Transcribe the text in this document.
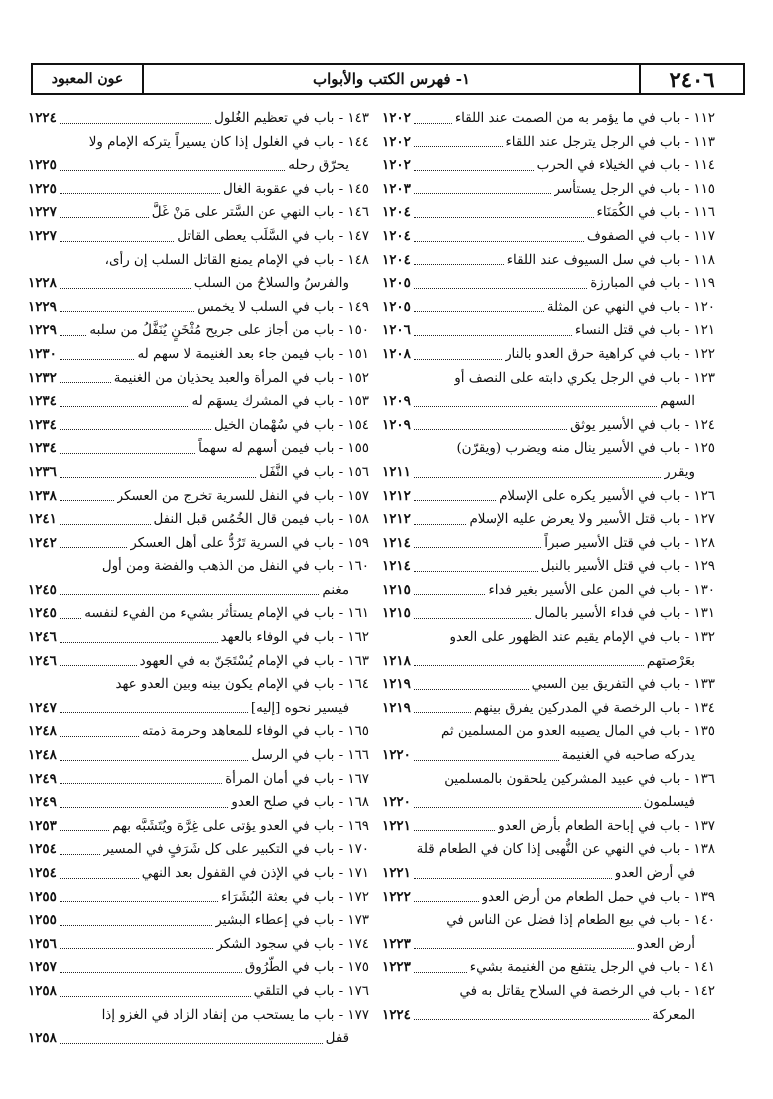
٢٤٠٦
١- فهرس الكتب والأبواب
عون المعبود
١١٢ - باب في ما يؤمر به من الصمت عند اللقاء
١٢٠٢
١١٣ - باب في الرجل يترجل عند اللقاء
١٢٠٢
١١٤ - باب في الخيلاء في الحرب
١٢٠٢
١١٥ - باب في الرجل يستأسر
١٢٠٣
١١٦ - باب في الكُمَنَاء
١٢٠٤
١١٧ - باب في الصفوف
١٢٠٤
١١٨ - باب في سل السيوف عند اللقاء
١٢٠٤
١١٩ - باب في المبارزة
١٢٠٥
١٢٠ - باب في النهي عن المثلة
١٢٠٥
١٢١ - باب في قتل النساء
١٢٠٦
١٢٢ - باب في كراهية حرق العدو بالنار
١٢٠٨
١٢٣ - باب في الرجل يكري دابته على النصف أو
السهم
١٢٠٩
١٢٤ - باب في الأسير يوثق
١٢٠٩
١٢٥ - باب في الأسير ينال منه ويضرب (ويقرّن)
ويقرر
١٢١١
١٢٦ - باب في الأسير يكره على الإسلام
١٢١٢
١٢٧ - باب قتل الأسير ولا يعرض عليه الإسلام
١٢١٢
١٢٨ - باب في قتل الأسير صبراً
١٢١٤
١٢٩ - باب في قتل الأسير بالنبل
١٢١٤
١٣٠ - باب في المن على الأسير بغير فداء
١٢١٥
١٣١ - باب في فداء الأسير بالمال
١٢١٥
١٣٢ - باب في الإمام يقيم عند الظهور على العدو
بعَرْصتهم
١٢١٨
١٣٣ - باب في التفريق بين السبي
١٢١٩
١٣٤ - باب الرخصة في المدركين يفرق بينهم
١٢١٩
١٣٥ - باب في المال يصيبه العدو من المسلمين ثم
يدركه صاحبه في الغنيمة
١٢٢٠
١٣٦ - باب في عبيد المشركين يلحقون بالمسلمين
فيسلمون
١٢٢٠
١٣٧ - باب في إباحة الطعام بأرض العدو
١٢٢١
١٣٨ - باب في النهي عن النُّهبى إذا كان في الطعام قلة
في أرض العدو
١٢٢١
١٣٩ - باب في حمل الطعام من أرض العدو
١٢٢٢
١٤٠ - باب في بيع الطعام إذا فضل عن الناس في
أرض العدو
١٢٢٣
١٤١ - باب في الرجل ينتفع من الغنيمة بشيء
١٢٢٣
١٤٢ - باب في الرخصة في السلاح يقاتل به في
المعركة
١٢٢٤
١٤٣ - باب في تعظيم الغُلول
١٢٢٤
١٤٤ - باب في الغلول إذا كان يسيراً يتركه الإمام ولا
يحرّق رحله
١٢٢٥
١٤٥ - باب في عقوبة الغال
١٢٢٥
١٤٦ - باب النهي عن السَّتر على مَنْ غَلَّ
١٢٢٧
١٤٧ - باب في السَّلَب يعطى القاتل
١٢٢٧
١٤٨ - باب في الإمام يمنع القاتل السلب إن رأى،
والفرسُ والسلاحُ من السلب
١٢٢٨
١٤٩ - باب في السلب لا يخمس
١٢٢٩
١٥٠ - باب من أجاز على جريح مُثْخَنٍ يُنَفَّلُ من سلبه
١٢٢٩
١٥١ - باب فيمن جاء بعد الغنيمة لا سهم له
١٢٣٠
١٥٢ - باب في المرأة والعبد يحذيان من الغنيمة
١٢٣٢
١٥٣ - باب في المشرك يسهَم له
١٢٣٤
١٥٤ - باب في سُهْمان الخيل
١٢٣٤
١٥٥ - باب فيمن أسهم له سهماً
١٢٣٤
١٥٦ - باب في النَّفَل
١٢٣٦
١٥٧ - باب في النفل للسرية تخرج من العسكر
١٢٣٨
١٥٨ - باب فيمن قال الخُمُس قبل النفل
١٢٤١
١٥٩ - باب في السرية تَرُدُّ على أهل العسكر
١٢٤٢
١٦٠ - باب في النفل من الذهب والفضة ومن أول
مغنم
١٢٤٥
١٦١ - باب في الإمام يستأثر بشيء من الفيء لنفسه
١٢٤٥
١٦٢ - باب في الوفاء بالعهد
١٢٤٦
١٦٣ - باب في الإمام يُسْتَجَنّ به في العهود
١٢٤٦
١٦٤ - باب في الإمام يكون بينه وبين العدو عهد
فيسير نحوه [إليه]
١٢٤٧
١٦٥ - باب في الوفاء للمعاهد وحرمة ذمته
١٢٤٨
١٦٦ - باب في الرسل
١٢٤٨
١٦٧ - باب في أمان المرأة
١٢٤٩
١٦٨ - باب في صلح العدو
١٢٤٩
١٦٩ - باب في العدو يؤتى على غِرَّة ويُتَشَبَّه بهم
١٢٥٣
١٧٠ - باب في التكبير على كل شَرَفٍ في المسير
١٢٥٤
١٧١ - باب في الإذن في القفول بعد النهي
١٢٥٤
١٧٢ - باب في بعثة البُشَرَاء
١٢٥٥
١٧٣ - باب في إعطاء البشير
١٢٥٥
١٧٤ - باب في سجود الشكر
١٢٥٦
١٧٥ - باب في الطُّرُوق
١٢٥٧
١٧٦ - باب في التلقي
١٢٥٨
١٧٧ - باب ما يستحب من إنفاد الزاد في الغزو إذا
قفل
١٢٥٨
